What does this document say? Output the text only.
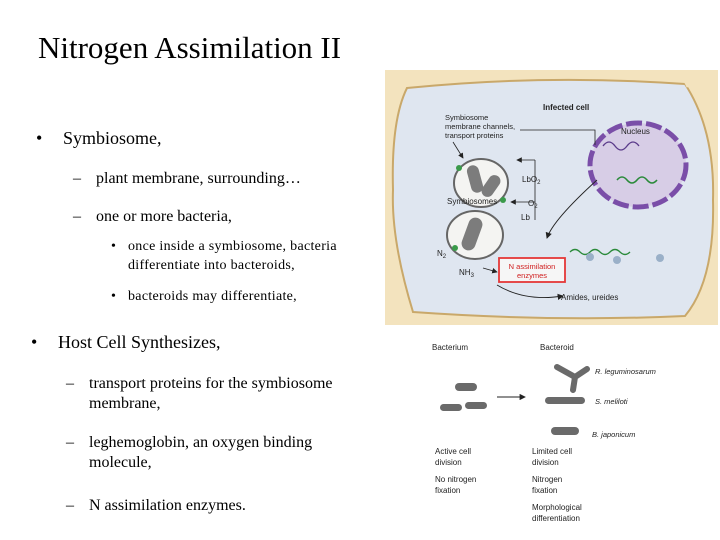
Nitrogen Assimilation II
• Symbiosome,
– plant membrane, surrounding…
– one or more bacteria,
• once inside a symbiosome, bacteria
differentiate into bacteroids,
• bacteroids may differentiate,
• Host Cell Synthesizes,
– transport proteins for the symbiosome
membrane,
– leghemoglobin, an oxygen binding
molecule,
– N assimilation enzymes.
Infected cell
Symbiosome
membrane channels,
transport proteins	Nucleus
Symbiosomes
LbO$_2$
$O_2$
Lb
$N_2$
$NH_3$
N assimilation
enzymes
Amides, ureides
Bacterium	Bacteroid
R. leguminosarum
S. meliloti
B. japonicum
Active cell
division
No nitrogen
fixation
Limited cell
division
Nitrogen
fixation
Morphological
differentiation
